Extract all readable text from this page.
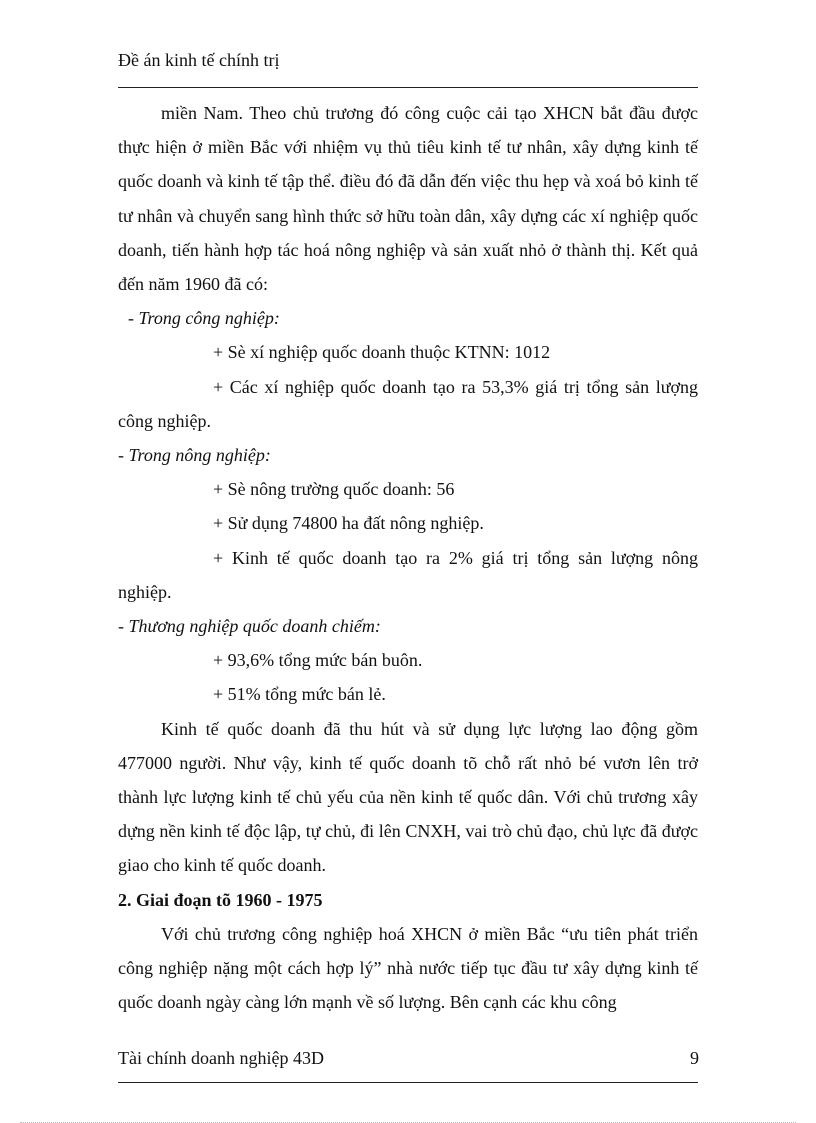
Đề án kinh tế chính trị

miền Nam. Theo chủ trương đó công cuộc cải tạo XHCN bắt đầu được thực hiện ở miền Bắc với nhiệm vụ thủ tiêu kinh tế tư nhân, xây dựng kinh tế quốc doanh và kinh tế tập thể. điều đó đã dẫn đến việc thu hẹp và xoá bỏ kinh tế tư nhân và chuyển sang hình thức sở hữu toàn dân, xây dựng các xí nghiệp quốc doanh, tiến hành hợp tác hoá nông nghiệp và sản xuất nhỏ ở thành thị. Kết quả đến năm 1960 đã có:

- Trong công nghiệp:

+ Sè xí nghiệp quốc doanh thuộc KTNN: 1012

+ Các xí nghiệp quốc doanh tạo ra 53,3% giá trị tổng sản lượng công nghiệp.

- Trong nông nghiệp:

+ Sè nông trường quốc doanh: 56

+ Sử dụng 74800 ha đất nông nghiệp.

+ Kinh tế quốc doanh tạo ra 2% giá trị tổng sản lượng nông nghiệp.

- Thương nghiệp quốc doanh chiếm:

+ 93,6% tổng mức bán buôn.

+ 51% tổng mức bán lẻ.

Kinh tế quốc doanh đã thu hút và sử dụng lực lượng lao động gồm 477000 người. Như vậy, kinh tế quốc doanh tõ chỗ rất nhỏ bé vươn lên trở thành lực lượng kinh tế chủ yếu của nền kinh tế quốc dân. Với chủ trương xây dựng nền kinh tế độc lập, tự chủ, đi lên CNXH, vai trò chủ đạo, chủ lực đã được giao cho kinh tế quốc doanh.

2. Giai đoạn tõ 1960 - 1975

Với chủ trương công nghiệp hoá XHCN ở miền Bắc “ưu tiên phát triển công nghiệp nặng một cách hợp lý” nhà nước tiếp tục đầu tư xây dựng kinh tế quốc doanh ngày càng lớn mạnh về số lượng. Bên cạnh các khu công

Tài chính doanh nghiệp 43D	9
